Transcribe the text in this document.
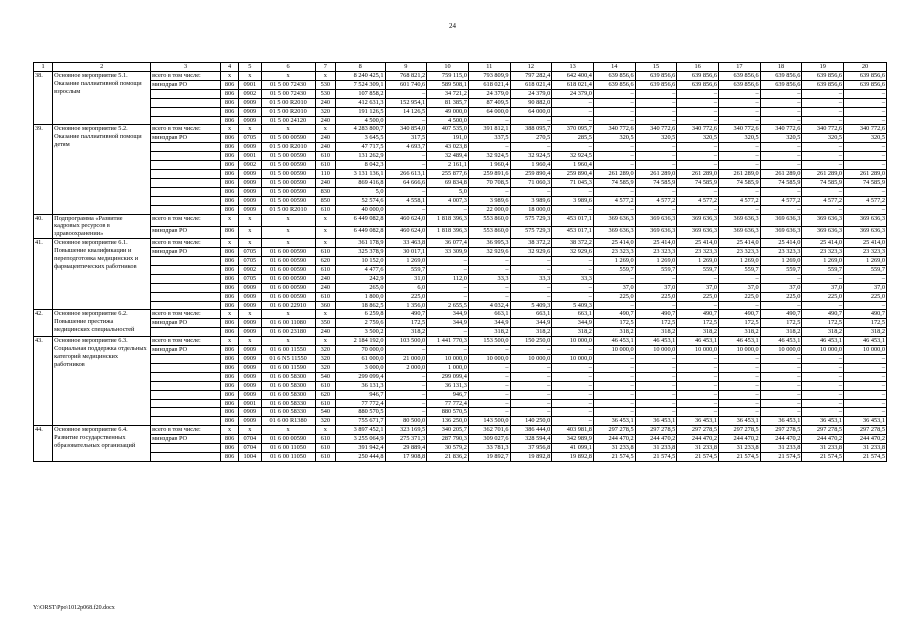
24
1	2	3	4	5	6	7	8	9	10	11	12	13	14	15	16	17	18	19	20
38.	Основное мероприятие 5.1. Оказание паллиативной помощи взрослым	всего в том числе:	х	х	х	х	8 240 425,1	768 821,2	759 115,0	793 809,9	797 282,4	642 400,4	639 856,6	639 856,6	639 856,6	639 856,6	639 856,6	639 856,6	639 856,6
		минздрав РО	806	0901	01 5 00 72430	530	7 524 309,1	601 740,6	589 508,1	618 021,4	618 021,4	618 021,4	639 856,6	639 856,6	639 856,6	639 856,6	639 856,6	639 856,6	639 856,6
			806	0902	01 5 00 72430	530	107 858,2	–	34 721,2	24 379,0	24 379,0	24 379,0	–	–	–	–	–	–	–
			806	0909	01 5 00 R2010	240	412 631,3	152 954,1	81 385,7	87 409,5	90 882,0	–	–	–	–	–	–	–	–
			806	0909	01 5 00 R2010	320	191 126,5	14 126,5	49 000,0	64 000,0	64 000,0	–	–	–	–	–	–	–	–
			806	0909	01 5 00 24120	240	4 500,0	–	4 500,0	–	–	–	–	–	–	–	–	–	–
39.	Основное мероприятие 5.2. Оказание паллиативной помощи детям	всего в том числе:	х	х	х	х	4 283 800,7	340 854,0	407 535,0	391 812,1	388 095,7	370 095,7	340 772,6	340 772,6	340 772,6	340 772,6	340 772,6	340 772,6	340 772,6
		минздрав РО	806	0705	01 5 00 00590	240	3 645,5	317,5	191,0	337,5	270,5	285,5	320,5	320,5	320,5	320,5	320,5	320,5	320,5
			806	0909	01 5 00 R2010	240	47 717,5	4 693,7	43 023,8	–	–	–	–	–	–	–	–	–	–
			806	0901	01 5 00 00590	610	131 262,9	–	32 489,4	32 924,5	32 924,5	32 924,5	–	–	–	–	–	–	–
			806	0902	01 5 00 00590	610	8 042,3	–	2 161,1	1 960,4	1 960,4	1 960,4	–	–	–	–	–	–	–
			806	0909	01 5 00 00590	110	3 131 136,1	266 613,1	255 877,6	259 891,6	259 890,4	259 890,4	261 289,0	261 289,0	261 289,0	261 289,0	261 289,0	261 289,0	261 289,0
			806	0909	01 5 00 00590	240	869 416,8	64 666,6	69 834,8	70 708,5	71 060,3	71 045,3	74 585,9	74 585,9	74 585,9	74 585,9	74 585,9	74 585,9	74 585,9
			806	0909	01 5 00 00590	830	5,0	–	5,0	–	–	–	–	–	–	–	–	–	–
			806	0909	01 5 00 00590	850	52 574,6	4 558,1	4 007,3	3 989,6	3 989,6	3 989,6	4 577,2	4 577,2	4 577,2	4 577,2	4 577,2	4 577,2	4 577,2
			806	0909	01 5 00 R2010	610	40 000,0	–	–	22 000,0	18 000,0	–	–	–	–	–	–	–	–
40.	Подпрограмма «Развитие кадровых ресурсов в здравоохранении»	всего в том числе:	х	х	х	х	6 449 082,8	460 624,0	1 818 396,3	553 860,0	575 729,3	453 017,1	369 636,3	369 636,3	369 636,3	369 636,3	369 636,3	369 636,3	369 636,3
		минздрав РО	806	х	х	х	6 449 082,8	460 624,0	1 818 396,3	553 860,0	575 729,3	453 017,1	369 636,3	369 636,3	369 636,3	369 636,3	369 636,3	369 636,3	369 636,3
41.	Основное мероприятие 6.1. Повышение квалификации и переподготовка медицинских и фармацевтических работников	всего в том числе:	х	х	х	х	361 178,9	33 463,8	36 077,4	36 995,3	38 372,2	38 372,2	25 414,0	25 414,0	25 414,0	25 414,0	25 414,0	25 414,0	25 414,0
		минздрав РО	806	0705	01 6 00 00590	610	325 378,9	30 017,1	33 309,9	32 929,6	32 929,6	32 929,6	23 323,3	23 323,3	23 323,3	23 323,3	23 323,3	23 323,3	23 323,3
			806	0705	01 6 00 00590	620	10 152,0	1 269,0	–	–	–	–	1 269,0	1 269,0	1 269,0	1 269,0	1 269,0	1 269,0	1 269,0
			806	0902	01 6 00 00590	610	4 477,6	559,7	–	–	–	–	559,7	559,7	559,7	559,7	559,7	559,7	559,7
			806	0705	01 6 00 00590	240	242,9	31,0	112,0	33,3	33,3	33,3	–	–	–	–	–	–	–
			806	0909	01 6 00 00590	240	265,0	6,0	–	–	–	–	37,0	37,0	37,0	37,0	37,0	37,0	37,0
			806	0909	01 6 00 00590	610	1 800,0	225,0	–	–	–	–	225,0	225,0	225,0	225,0	225,0	225,0	225,0
			806	0909	01 6 00 22910	360	18 862,5	1 356,0	2 655,5	4 032,4	5 409,3	5 409,3	–	–	–	–	–	–	–
42.	Основное мероприятие 6.2. Повышение престижа медицинских специальностей	всего в том числе:	х	х	х	х	6 259,8	490,7	344,9	663,1	663,1	663,1	490,7	490,7	490,7	490,7	490,7	490,7	490,7
		минздрав РО	806	0909	01 6 00 11080	350	2 759,6	172,5	344,9	344,9	344,9	344,9	172,5	172,5	172,5	172,5	172,5	172,5	172,5
			806	0909	01 6 00 23180	240	3 500,2	318,2	–	318,2	318,2	318,2	318,2	318,2	318,2	318,2	318,2	318,2	318,2
43.	Основное мероприятие 6.3. Социальная поддержка отдельных категорий медицинских работников	всего в том числе:	х	х	х	х	2 184 192,0	103 500,0	1 441 770,3	153 500,0	150 250,0	10 000,0	46 453,1	46 453,1	46 453,1	46 453,1	46 453,1	46 453,1	46 453,1
		минздрав РО	806	0909	01 6 00 11550	320	70 000,0	–	–	–	–	–	10 000,0	10 000,0	10 000,0	10 000,0	10 000,0	10 000,0	10 000,0
			806	0909	01 6 N5 11550	320	61 000,0	21 000,0	10 000,0	10 000,0	10 000,0	10 000,0	–	–	–	–	–	–	–
			806	0909	01 6 00 11590	320	3 000,0	2 000,0	1 000,0	–	–	–	–	–	–	–	–	–	–
			806	0909	01 6 00 58300	540	299 099,4	–	299 099,4	–	–	–	–	–	–	–	–	–	–
			806	0909	01 6 00 58300	610	36 131,3	–	36 131,3	–	–	–	–	–	–	–	–	–	–
			806	0909	01 6 00 58300	620	946,7	–	946,7	–	–	–	–	–	–	–	–	–	–
			806	0901	01 6 00 58330	610	77 772,4	–	77 772,4	–	–	–	–	–	–	–	–	–	–
			806	0909	01 6 00 58330	540	880 570,5	–	880 570,5	–	–	–	–	–	–	–	–	–	–
			806	0909	01 6 00 R1380	320	755 671,7	80 500,0	136 250,0	143 500,0	140 250,0	–	36 453,1	36 453,1	36 453,1	36 453,1	36 453,1	36 453,1	36 453,1
44.	Основное мероприятие 6.4. Развитие государственных образовательных организаций	всего в том числе:	х	х	х	х	3 897 452,1	323 169,5	340 205,7	362 701,6	386 444,0	403 981,8	297 278,5	297 278,5	297 278,5	297 278,5	297 278,5	297 278,5	297 278,5
		минздрав РО	806	0704	01 6 00 00590	610	3 255 064,9	275 371,3	287 790,3	309 027,6	328 594,4	342 989,9	244 470,2	244 470,2	244 470,2	244 470,2	244 470,2	244 470,2	244 470,2
			806	0704	01 6 00 11050	610	391 942,4	29 889,4	30 579,2	33 781,3	37 956,8	41 099,1	31 233,8	31 233,8	31 233,8	31 233,8	31 233,8	31 233,8	31 233,8
			806	1004	01 6 00 11050	610	250 444,8	17 908,8	21 836,2	19 892,7	19 892,8	19 892,8	21 574,5	21 574,5	21 574,5	21 574,5	21 574,5	21 574,5	21 574,5
Y:\ORST\Ppo\1012p068.f20.docx
